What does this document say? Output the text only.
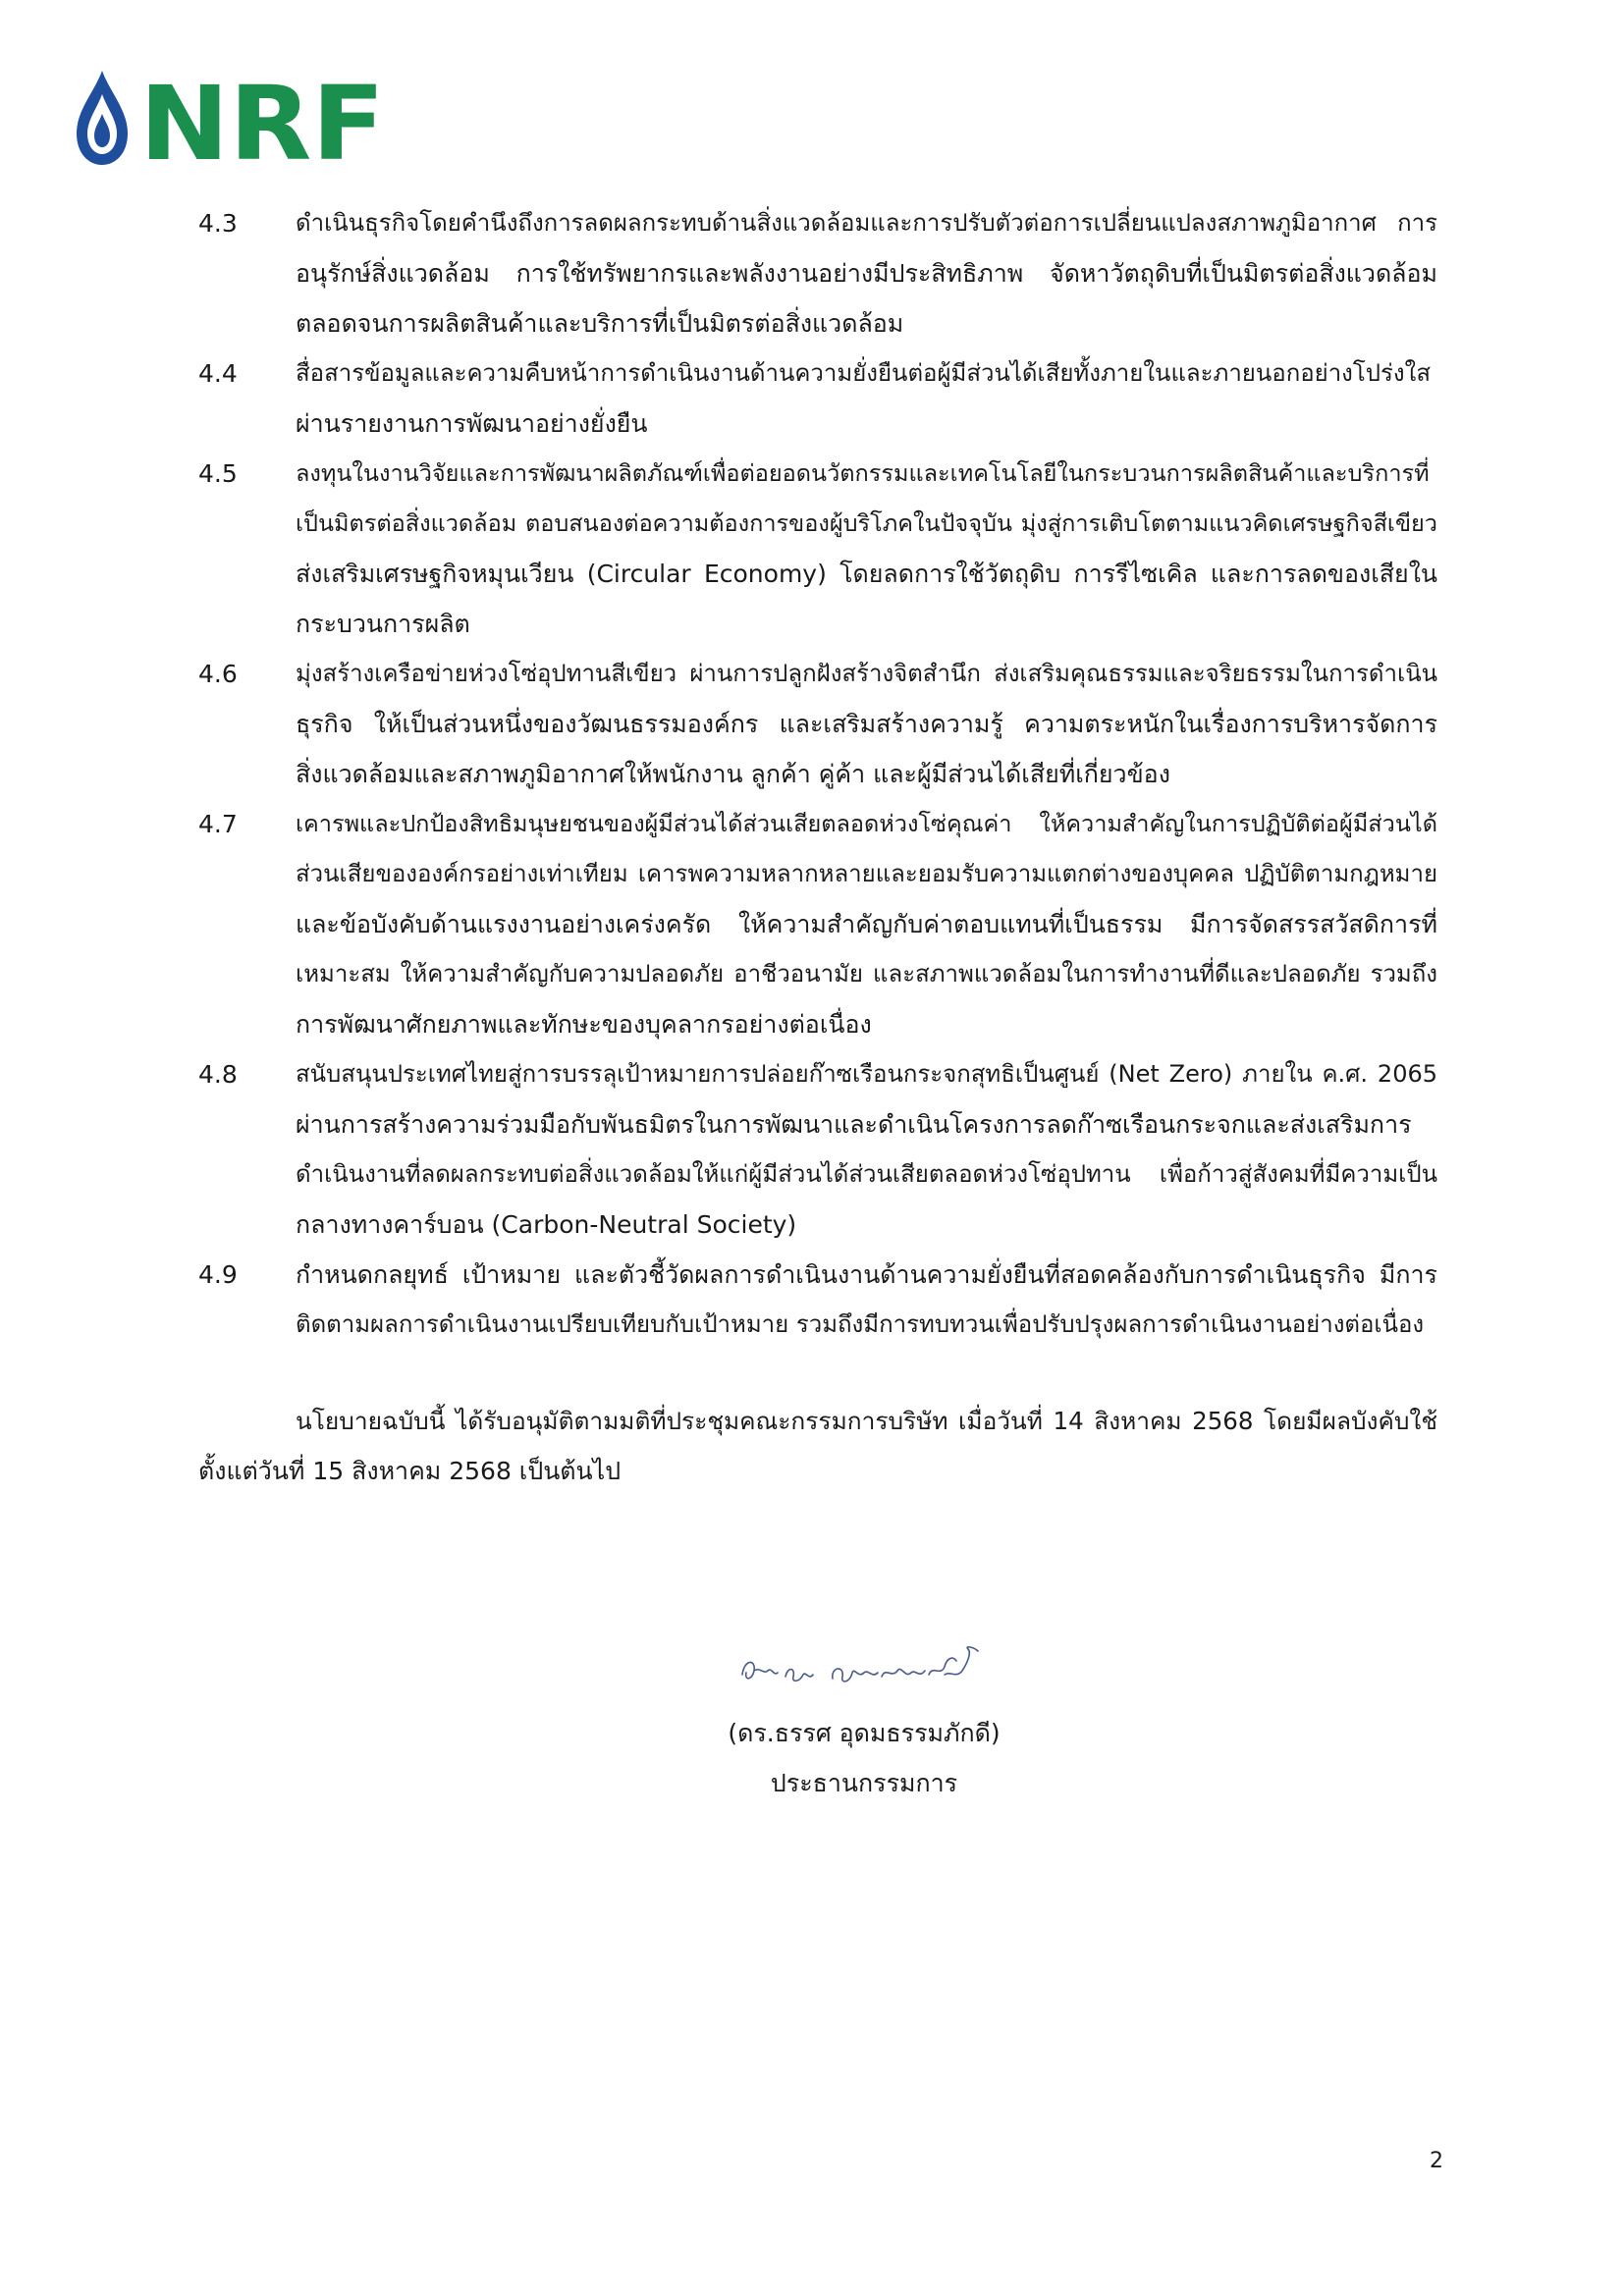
NRF
4.3	ดำเนินธุรกิจโดยคำนึงถึงการลดผลกระทบด้านสิ่งแวดล้อมและการปรับตัวต่อการเปลี่ยนแปลงสภาพภูมิอากาศ การ
อนุรักษ์สิ่งแวดล้อม การใช้ทรัพยากรและพลังงานอย่างมีประสิทธิภาพ จัดหาวัตถุดิบที่เป็นมิตรต่อสิ่งแวดล้อม
ตลอดจนการผลิตสินค้าและบริการที่เป็นมิตรต่อสิ่งแวดล้อม
4.4	สื่อสารข้อมูลและความคืบหน้าการดำเนินงานด้านความยั่งยืนต่อผู้มีส่วนได้เสียทั้งภายในและภายนอกอย่างโปร่งใส
ผ่านรายงานการพัฒนาอย่างยั่งยืน
4.5	ลงทุนในงานวิจัยและการพัฒนาผลิตภัณฑ์เพื่อต่อยอดนวัตกรรมและเทคโนโลยีในกระบวนการผลิตสินค้าและบริการที่
เป็นมิตรต่อสิ่งแวดล้อม ตอบสนองต่อความต้องการของผู้บริโภคในปัจจุบัน มุ่งสู่การเติบโตตามแนวคิดเศรษฐกิจสีเขียว
ส่งเสริมเศรษฐกิจหมุนเวียน (Circular Economy) โดยลดการใช้วัตถุดิบ การรีไซเคิล และการลดของเสียใน
กระบวนการผลิต
4.6	มุ่งสร้างเครือข่ายห่วงโซ่อุปทานสีเขียว ผ่านการปลูกฝังสร้างจิตสำนึก ส่งเสริมคุณธรรมและจริยธรรมในการดำเนิน
ธุรกิจ ให้เป็นส่วนหนึ่งของวัฒนธรรมองค์กร และเสริมสร้างความรู้ ความตระหนักในเรื่องการบริหารจัดการ
สิ่งแวดล้อมและสภาพภูมิอากาศให้พนักงาน ลูกค้า คู่ค้า และผู้มีส่วนได้เสียที่เกี่ยวข้อง
4.7	เคารพและปกป้องสิทธิมนุษยชนของผู้มีส่วนได้ส่วนเสียตลอดห่วงโซ่คุณค่า ให้ความสำคัญในการปฏิบัติต่อผู้มีส่วนได้
ส่วนเสียขององค์กรอย่างเท่าเทียม เคารพความหลากหลายและยอมรับความแตกต่างของบุคคล ปฏิบัติตามกฎหมาย
และข้อบังคับด้านแรงงานอย่างเคร่งครัด ให้ความสำคัญกับค่าตอบแทนที่เป็นธรรม มีการจัดสรรสวัสดิการที่
เหมาะสม ให้ความสำคัญกับความปลอดภัย อาชีวอนามัย และสภาพแวดล้อมในการทำงานที่ดีและปลอดภัย รวมถึง
การพัฒนาศักยภาพและทักษะของบุคลากรอย่างต่อเนื่อง
4.8	สนับสนุนประเทศไทยสู่การบรรลุเป้าหมายการปล่อยก๊าซเรือนกระจกสุทธิเป็นศูนย์ (Net Zero) ภายใน ค.ศ. 2065
ผ่านการสร้างความร่วมมือกับพันธมิตรในการพัฒนาและดำเนินโครงการลดก๊าซเรือนกระจกและส่งเสริมการ
ดำเนินงานที่ลดผลกระทบต่อสิ่งแวดล้อมให้แก่ผู้มีส่วนได้ส่วนเสียตลอดห่วงโซ่อุปทาน เพื่อก้าวสู่สังคมที่มีความเป็น
กลางทางคาร์บอน (Carbon-Neutral Society)
4.9	กำหนดกลยุทธ์ เป้าหมาย และตัวชี้วัดผลการดำเนินงานด้านความยั่งยืนที่สอดคล้องกับการดำเนินธุรกิจ มีการ
ติดตามผลการดำเนินงานเปรียบเทียบกับเป้าหมาย รวมถึงมีการทบทวนเพื่อปรับปรุงผลการดำเนินงานอย่างต่อเนื่อง
นโยบายฉบับนี้ ได้รับอนุมัติตามมติที่ประชุมคณะกรรมการบริษัท เมื่อวันที่ 14 สิงหาคม 2568 โดยมีผลบังคับใช้
ตั้งแต่วันที่ 15 สิงหาคม 2568 เป็นต้นไป
(ดร.ธรรศ อุดมธรรมภักดี)
ประธานกรรมการ
2
